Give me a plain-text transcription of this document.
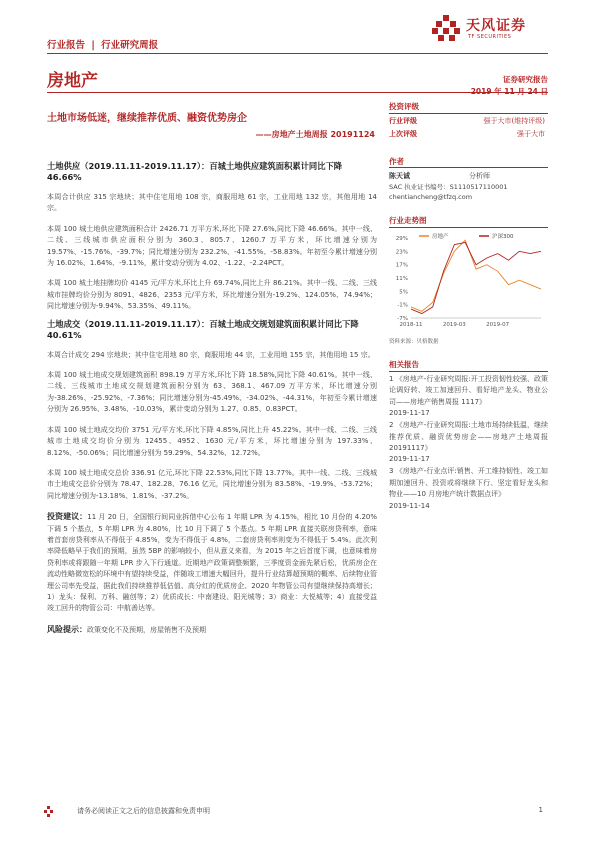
天风证券
TF SECURITIES
行业报告 | 行业研究周报
房地产	证券研究报告
土地市场低迷，继续推荐优质、融资优势房企
——房地产土地周报 20191124
投资评级
行业评级	强于大市(维持评级)
上次评级	强于大市
作者
陈天诚	分析师
SAC 执业证书编号：S1110517110001
chentiancheng@tfzq.com
行业走势图
29%
23%
17%
11%
5%
-1%
-7%
2018-11	2019-03	2019-07
房地产	沪深300
资料来源：贝格数据
相关报告
1 《房地产-行业研究周报:开工投资韧性较强、政策论调好转、竣工加速回升、看好地产龙头、物业公司——房地产销售周报 1117》
2019-11-17
2 《房地产-行业研究周报:土地市场持续低温，继续推荐优质、融资优势房企——房地产土地周报 20191117》
2019-11-17
3 《房地产-行业点评:销售、开工维持韧性、竣工如期加速回升、投资或将继续下行、坚定看好龙头和物业——10 月房地产统计数据点评》
2019-11-14
土地供应（2019.11.11-2019.11.17）：百城土地供应建筑面积累计同比下降 46.66%
本周合计供应 315 宗地块；其中住宅用地 108 宗，商服用地 61 宗，工业用地 132 宗，其他用地 14 宗。
本周 100 城土地供应建筑面积合计 2426.71 万平方米,环比下降 27.6%,同比下降 46.66%。其中一线、二线、三线城市供应面积分别为 360.3、805.7、1260.7 万平方米，环比增速分别为 19.57%、-15.76%、-39.7%；同比增速分别为 232.2%、-41.55%、-58.83%。年初至今累计增速分别为 16.02%、1.64%、-9.11%，累计变动分别为 4.02、-1.22、-2.24PCT。
本周 100 城土地挂牌均价 4145 元/平方米,环比上升 69.74%,同比上升 86.21%。其中一线、二线、三线城市挂牌均价分别为 8091、4826、2353 元/平方米，环比增速分别为-19.2%、124.05%、74.94%；同比增速分别为-9.94%、53.35%、49.11%。
土地成交（2019.11.11-2019.11.17）：百城土地成交规划建筑面积累计同比下降 40.61%
本周合计成交 294 宗地块；其中住宅用地 80 宗，商服用地 44 宗，工业用地 155 宗，其他用地 15 宗。
本周 100 城土地成交规划建筑面积 898.19 万平方米,环比下降 18.58%,同比下降 40.61%。其中一线、二线、三线城市土地成交规划建筑面积分别为 63、368.1、467.09 万平方米，环比增速分别为-38.26%、-25.92%、-7.36%；同比增速分别为-45.49%、-34.02%、-44.31%，年初至今累计增速分别为 26.95%、3.48%、-10.03%，累计变动分别为 1.27、0.85、0.83PCT。
本周 100 城土地成交均价 3751 元/平方米,环比下降 4.85%,同比上升 45.22%。其中一线、二线、三线城市土地成交均价分别为 12455、4952、1630 元/平方米，环比增速分别为 197.33%、8.12%、-50.06%；同比增速分别为 59.29%、54.32%、12.72%。
本周 100 城土地成交总价 336.91 亿元,环比下降 22.53%,同比下降 13.77%。其中一线、二线、三线城市土地成交总价分别为 78.47、182.28、76.16 亿元，同比增速分别为 83.58%、-19.9%、-53.72%；同比增速分别为-13.18%、1.81%、-37.2%。
投资建议：11 月 20 日，全国银行间同业拆借中心公布 1 年期 LPR 为 4.15%，相比 10 月份的 4.20%下调 5 个基点，5 年期 LPR 为 4.80%，比 10 月下调了 5 个基点。5 年期 LPR 直接关联房贷利率，意味着首套房贷利率从不得低于 4.85%，变为不得低于 4.8%，二套房贷利率则变为不得低于 5.4%。此次利率降低略早于我们的预期，虽然 5BP 的影响较小，但从意义来看，为 2015 年之后首度下调，也意味着房贷利率或将跟随一年期 LPR 步入下行通道。近期地产政策调整频繁，三季度资金面先紧后松，优质房企在流动性略微宽松的环境中有望持续受益，伴随竣工增速大幅回升，提升行业结算超预期的概率、后续物业管理公司率先受益，据此我们持续推荐低估值、高分红的优质房企、2020 年物管公司有望继续保持高增长；1）龙头：保利、万科、融创等；2）优质成长：中南建设、阳光城等；3）商业：大悦城等；4）直接受益竣工回升的物管公司：中航善达等。
风险提示：政策变化不及预期，房屋销售不及预期
请务必阅读正文之后的信息披露和免责申明	1
